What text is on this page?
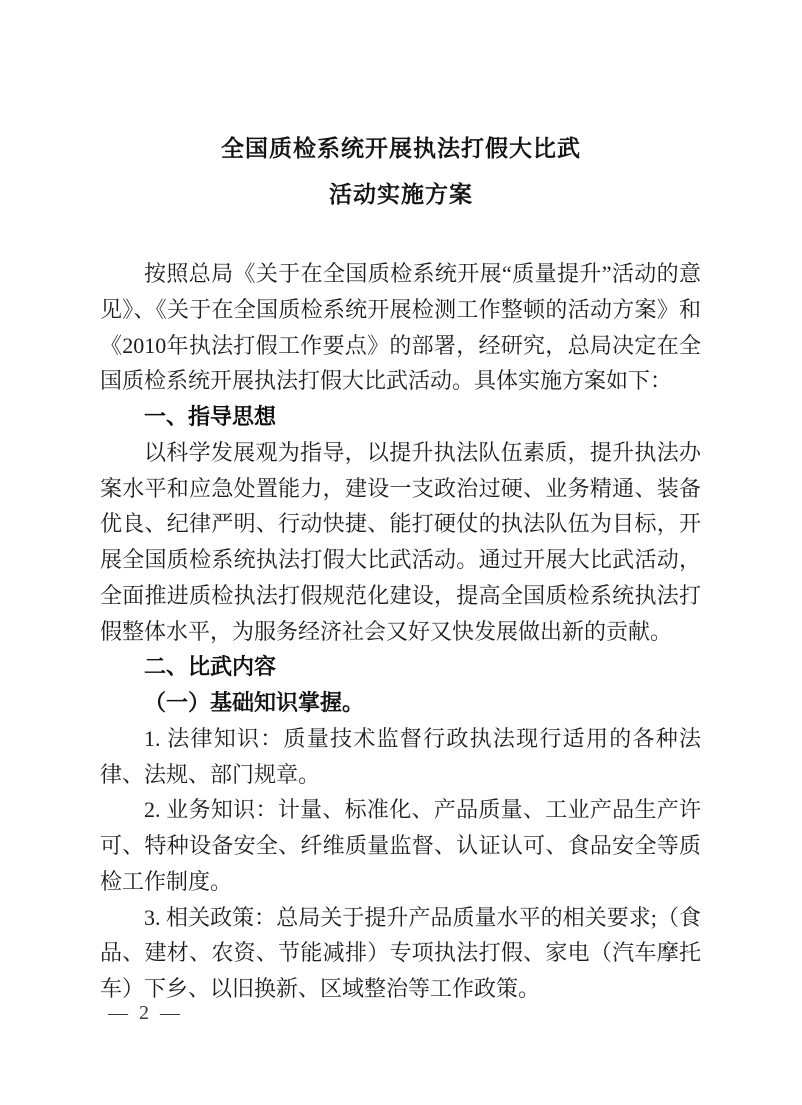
全国质检系统开展执法打假大比武
活动实施方案

按照总局《关于在全国质检系统开展“质量提升”活动的意见》、《关于在全国质检系统开展检测工作整顿的活动方案》和《2010年执法打假工作要点》的部署，经研究，总局决定在全国质检系统开展执法打假大比武活动。具体实施方案如下：

一、指导思想

以科学发展观为指导，以提升执法队伍素质，提升执法办案水平和应急处置能力，建设一支政治过硬、业务精通、装备优良、纪律严明、行动快捷、能打硬仗的执法队伍为目标，开展全国质检系统执法打假大比武活动。通过开展大比武活动，全面推进质检执法打假规范化建设，提高全国质检系统执法打假整体水平，为服务经济社会又好又快发展做出新的贡献。

二、比武内容
（一）基础知识掌握。

1. 法律知识：质量技术监督行政执法现行适用的各种法律、法规、部门规章。

2. 业务知识：计量、标准化、产品质量、工业产品生产许可、特种设备安全、纤维质量监督、认证认可、食品安全等质检工作制度。

3. 相关政策：总局关于提升产品质量水平的相关要求;（食品、建材、农资、节能减排）专项执法打假、家电（汽车摩托车）下乡、以旧换新、区域整治等工作政策。

— 2 —
